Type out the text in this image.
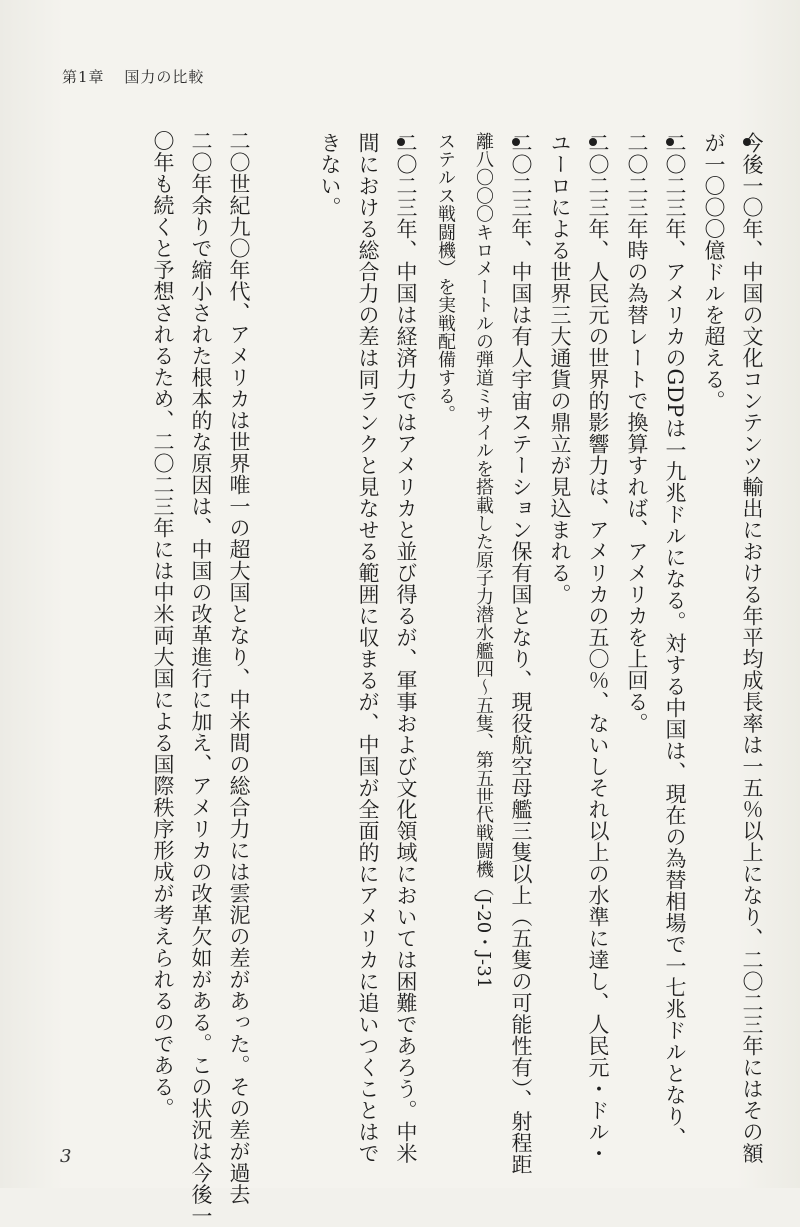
第1章 国力の比較
今後一〇年、中国の文化コンテンツ輸出における年平均成長率は一五％以上になり、二〇二三年にはその額
が一〇〇〇億ドルを超える。
二〇二三年、アメリカのGDPは一九兆ドルになる。対する中国は、現在の為替相場で一七兆ドルとなり、
二〇二三年時の為替レートで換算すれば、アメリカを上回る。
二〇二三年、人民元の世界的影響力は、アメリカの五〇％、ないしそれ以上の水準に達し、人民元・ドル・
ユーロによる世界三大通貨の鼎立が見込まれる。
二〇二三年、中国は有人宇宙ステーション保有国となり、現役航空母艦三隻以上（五隻の可能性有）、射程距
離八〇〇〇キロメートルの弾道ミサイルを搭載した原子力潜水艦四～五隻、第五世代戦闘機（J‐20・J‐31
ステルス戦闘機）を実戦配備する。
二〇二三年、中国は経済力ではアメリカと並び得るが、軍事および文化領域においては困難であろう。中米
間における総合力の差は同ランクと見なせる範囲に収まるが、中国が全面的にアメリカに追いつくことはで
きない。
二〇世紀九〇年代、アメリカは世界唯一の超大国となり、中米間の総合力には雲泥の差があった。その差が過去
二〇年余りで縮小された根本的な原因は、中国の改革進行に加え、アメリカの改革欠如がある。この状況は今後一
〇年も続くと予想されるため、二〇二三年には中米両大国による国際秩序形成が考えられるのである。
3
